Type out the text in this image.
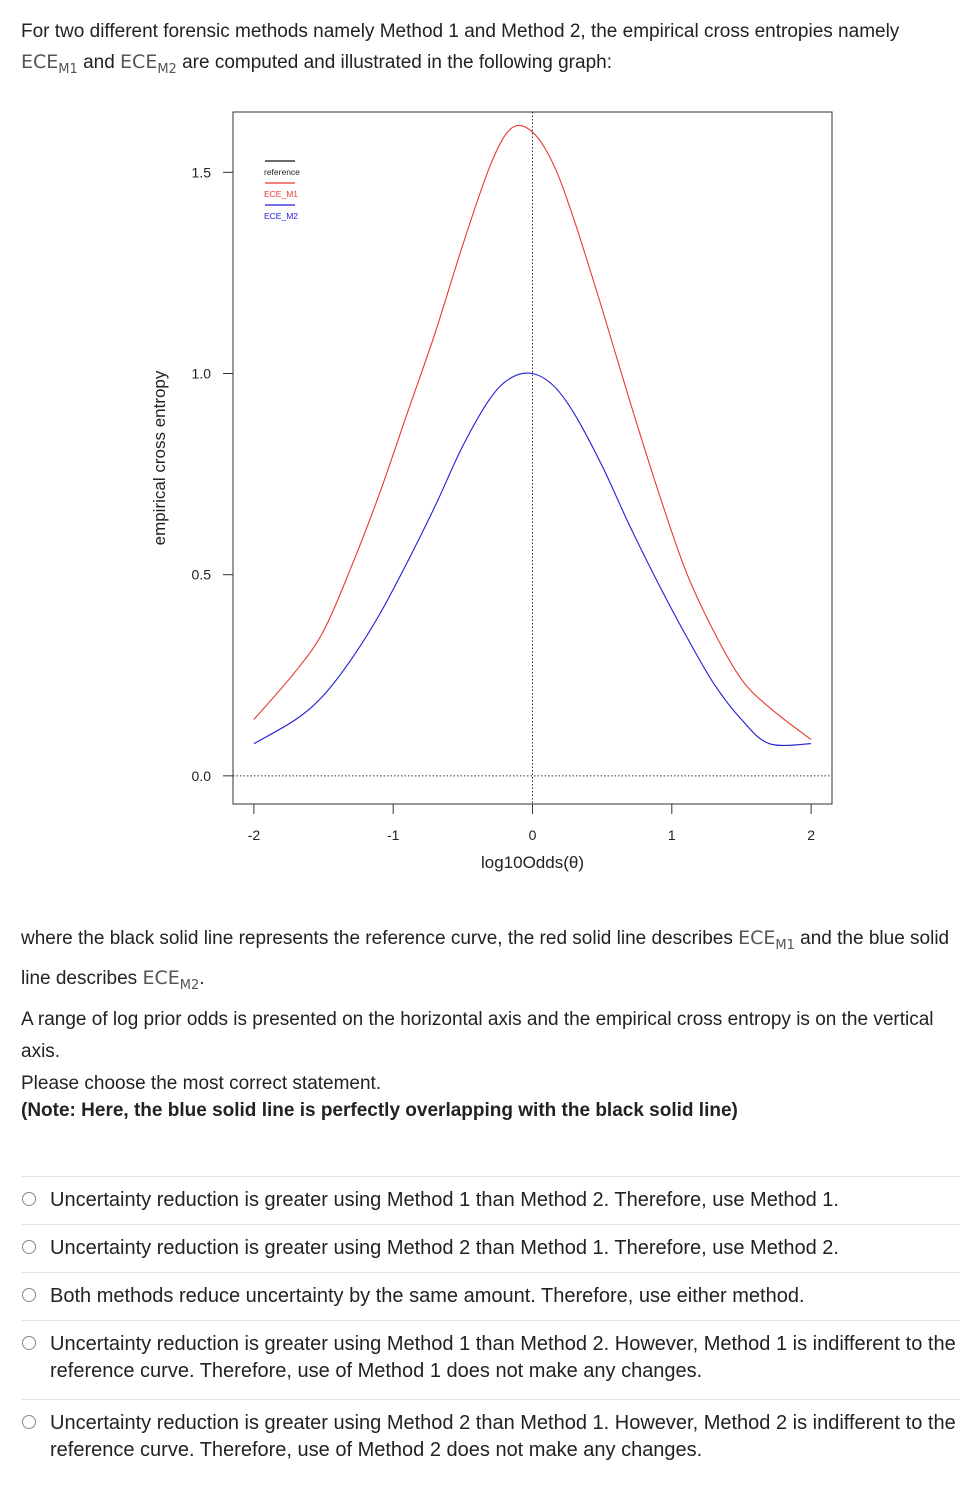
For two different forensic methods namely Method 1 and Method 2, the empirical cross entropies namely $ECE_{M1}$ and $ECE_{M2}$ are computed and illustrated in the following graph:
0.0
0.5
1.0
1.5
-2	-1	0	1	2
log10Odds(θ)
empirical cross entropy
reference
ECE_M1
ECE_M2
where the black solid line represents the reference curve, the red solid line describes $ECE_{M1}$ and the blue solid line describes $ECE_{M2}$.
A range of log prior odds is presented on the horizontal axis and the empirical cross entropy is on the vertical axis.
Please choose the most correct statement.
(Note: Here, the blue solid line is perfectly overlapping with the black solid line)
Uncertainty reduction is greater using Method 1 than Method 2. Therefore, use Method 1.
Uncertainty reduction is greater using Method 2 than Method 1. Therefore, use Method 2.
Both methods reduce uncertainty by the same amount. Therefore, use either method.
Uncertainty reduction is greater using Method 1 than Method 2. However, Method 1 is indifferent to the reference curve. Therefore, use of Method 1 does not make any changes.
Uncertainty reduction is greater using Method 2 than Method 1. However, Method 2 is indifferent to the reference curve. Therefore, use of Method 2 does not make any changes.
